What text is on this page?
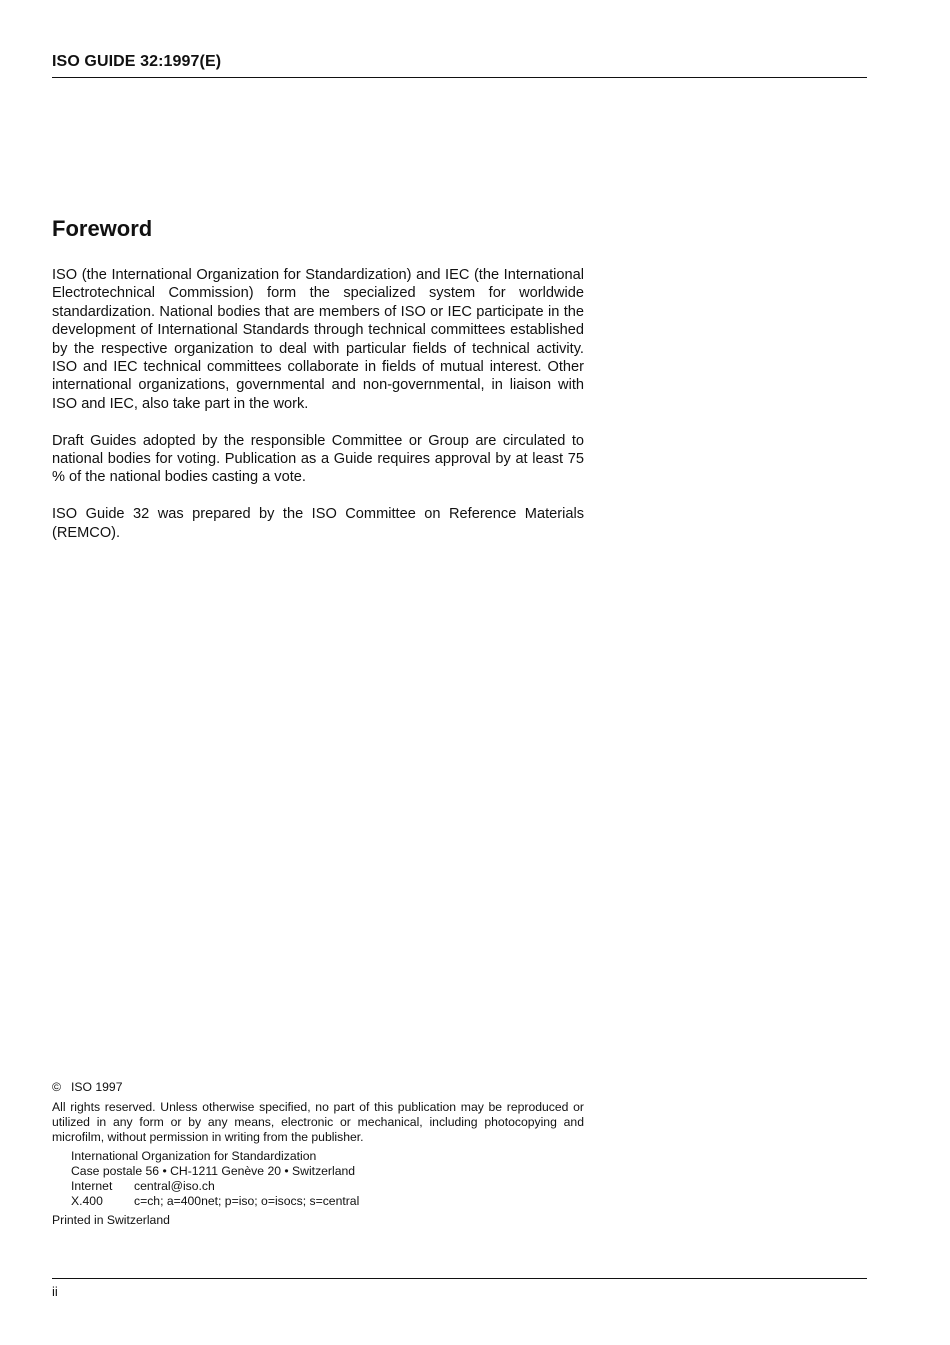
ISO GUIDE 32:1997(E)
Foreword

ISO (the International Organization for Standardization) and IEC (the International Electrotechnical Commission) form the specialized system for worldwide standardization. National bodies that are members of ISO or IEC participate in the development of International Standards through technical committees established by the respective organization to deal with particular fields of technical activity. ISO and IEC technical committees collaborate in fields of mutual interest. Other international organizations, governmental and non-governmental, in liaison with ISO and IEC, also take part in the work.

Draft Guides adopted by the responsible Committee or Group are circulated to national bodies for voting. Publication as a Guide requires approval by at least 75 % of the national bodies casting a vote.

ISO Guide 32 was prepared by the ISO Committee on Reference Materials (REMCO).

© ISO 1997
All rights reserved. Unless otherwise specified, no part of this publication may be reproduced or utilized in any form or by any means, electronic or mechanical, including photocopying and microfilm, without permission in writing from the publisher.
International Organization for Standardization
Case postale 56 • CH-1211 Genève 20 • Switzerland
Internet	central@iso.ch
X.400	c=ch; a=400net; p=iso; o=isocs; s=central
Printed in Switzerland
ii
